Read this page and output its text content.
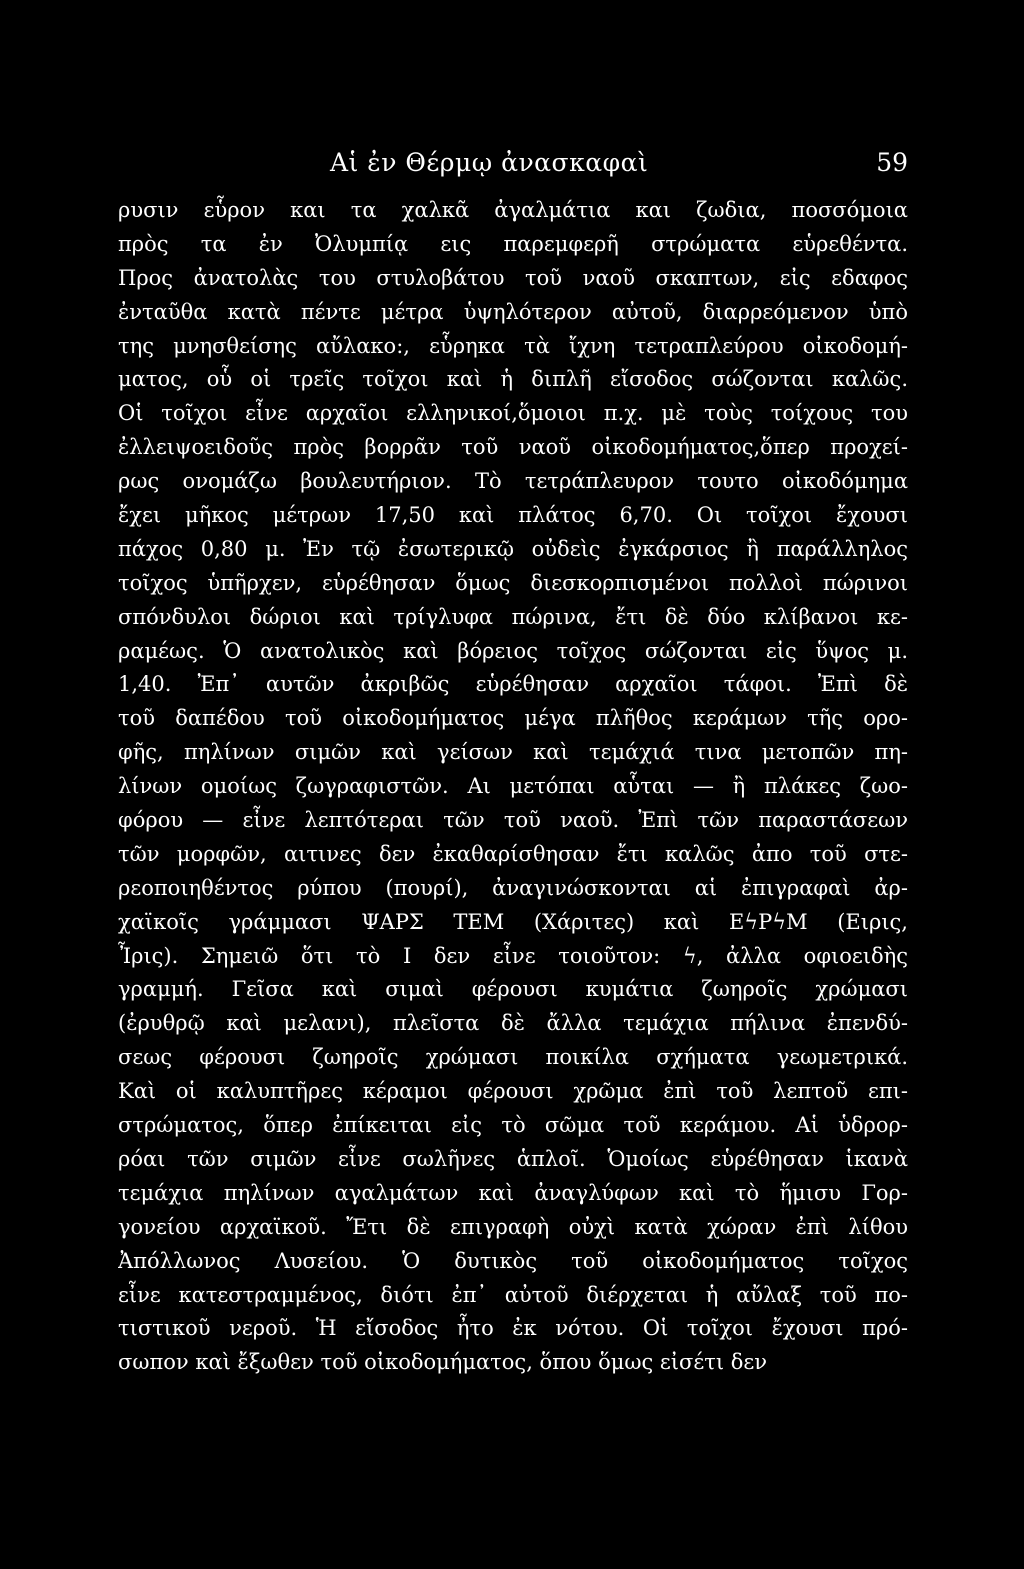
Αἱ ἐν Θέρμῳ ἀνασκαφαὶ	59
ρυσιν εὗρον και τα χαλκᾶ ἀγαλμάτια και ζωδια, ποσσόμοια
πρὸς τα ἐν Ὀλυμπίᾳ εις παρεμφερῆ στρώματα εὑρεθέντα.
Προς ἀνατολὰς του στυλοβάτου τοῦ ναοῦ σκαπτων, εἰς εδαφος
ἐνταῦθα κατὰ πέντε μέτρα ὑψηλότερον αὐτοῦ, διαρρεόμενον ὑπὸ
της μνησθείσης αὔλακο:, εὗρηκα τὰ ἴχνη τετραπλεύρου οἰκοδομή-
ματος, οὗ οἱ τρεῖς τοῖχοι καὶ ἡ διπλῆ εἴσοδος σώζονται καλῶς.
Οἱ τοῖχοι εἶνε αρχαῖοι ελληνικοί,ὅμοιοι π.χ. μὲ τοὺς τοίχους του
ἐλλειψοειδοῦς πρὸς βορρᾶν τοῦ ναοῦ οἰκοδομήματος,ὅπερ προχεί-
ρως ονομάζω βουλευτήριον. Τὸ τετράπλευρον τουτο οἰκοδόμημα
ἔχει μῆκος μέτρων 17,50 καὶ πλάτος 6,70. Οι τοῖχοι ἔχουσι
πάχος 0,80 μ. Ἐν τῷ ἐσωτερικῷ οὐδεὶς ἐγκάρσιος ἢ παράλληλος
τοῖχος ὑπῆρχεν, εὑρέθησαν ὅμως διεσκορπισμένοι πολλοὶ πώρινοι
σπόνδυλοι δώριοι καὶ τρίγλυφα πώρινα, ἔτι δὲ δύο κλίβανοι κε-
ραμέως. Ὁ ανατολικὸς καὶ βόρειος τοῖχος σώζονται εἰς ὕψος μ.
1,40. Ἐπ᾽ αυτῶν ἀκριβῶς εὑρέθησαν αρχαῖοι τάφοι. Ἐπὶ δὲ
τοῦ δαπέδου τοῦ οἰκοδομήματος μέγα πλῆθος κεράμων τῆς ορο-
φῆς, πηλίνων σιμῶν καὶ γείσων καὶ τεμάχιά τινα μετοπῶν πη-
λίνων ομοίως ζωγραφιστῶν. Αι μετόπαι αὗται — ἢ πλάκες ζωο-
φόρου — εἶνε λεπτότεραι τῶν τοῦ ναοῦ. Ἐπὶ τῶν παραστάσεων
τῶν μορφῶν, αιτινες δεν ἐκαθαρίσθησαν ἔτι καλῶς ἀπο τοῦ στε-
ρεοποιηθέντος ρύπου (πουρί), ἀναγινώσκονται αἱ ἐπιγραφαὶ ἀρ-
χαϊκοῖς γράμμασι ΨΑΡΣ ΤΕΜ (Χάριτες) καὶ ΕϟΡϟΜ (Ειρις,
Ἶρις). Σημειῶ ὅτι τὸ Ι δεν εἶνε τοιοῦτον: ϟ, ἀλλα οφιοειδὴς
γραμμή. Γεῖσα καὶ σιμαὶ φέρουσι κυμάτια ζωηροῖς χρώμασι
(ἐρυθρῷ καὶ μελανι), πλεῖστα δὲ ἄλλα τεμάχια πήλινα ἐπενδύ-
σεως φέρουσι ζωηροῖς χρώμασι ποικίλα σχήματα γεωμετρικά.
Καὶ οἱ καλυπτῆρες κέραμοι φέρουσι χρῶμα ἐπὶ τοῦ λεπτοῦ επι-
στρώματος, ὅπερ ἐπίκειται εἰς τὸ σῶμα τοῦ κεράμου. Αἱ ὑδρορ-
ρόαι τῶν σιμῶν εἶνε σωλῆνες ἁπλοῖ. Ὁμοίως εὑρέθησαν ἱκανὰ
τεμάχια πηλίνων αγαλμάτων καὶ ἀναγλύφων καὶ τὸ ἥμισυ Γορ-
γονείου αρχαϊκοῦ. Ἔτι δὲ επιγραφὴ οὐχὶ κατὰ χώραν ἐπὶ λίθου
Ἀπόλλωνος Λυσείου. Ὁ δυτικὸς τοῦ οἰκοδομήματος τοῖχος
εἶνε κατεστραμμένος, διότι ἐπ᾽ αὐτοῦ διέρχεται ἡ αὔλαξ τοῦ πο-
τιστικοῦ νεροῦ. Ἡ εἴσοδος ἦτο ἐκ νότου. Οἱ τοῖχοι ἔχουσι πρό-
σωπον καὶ ἔξωθεν τοῦ οἰκοδομήματος, ὅπου ὅμως εἰσέτι δεν
